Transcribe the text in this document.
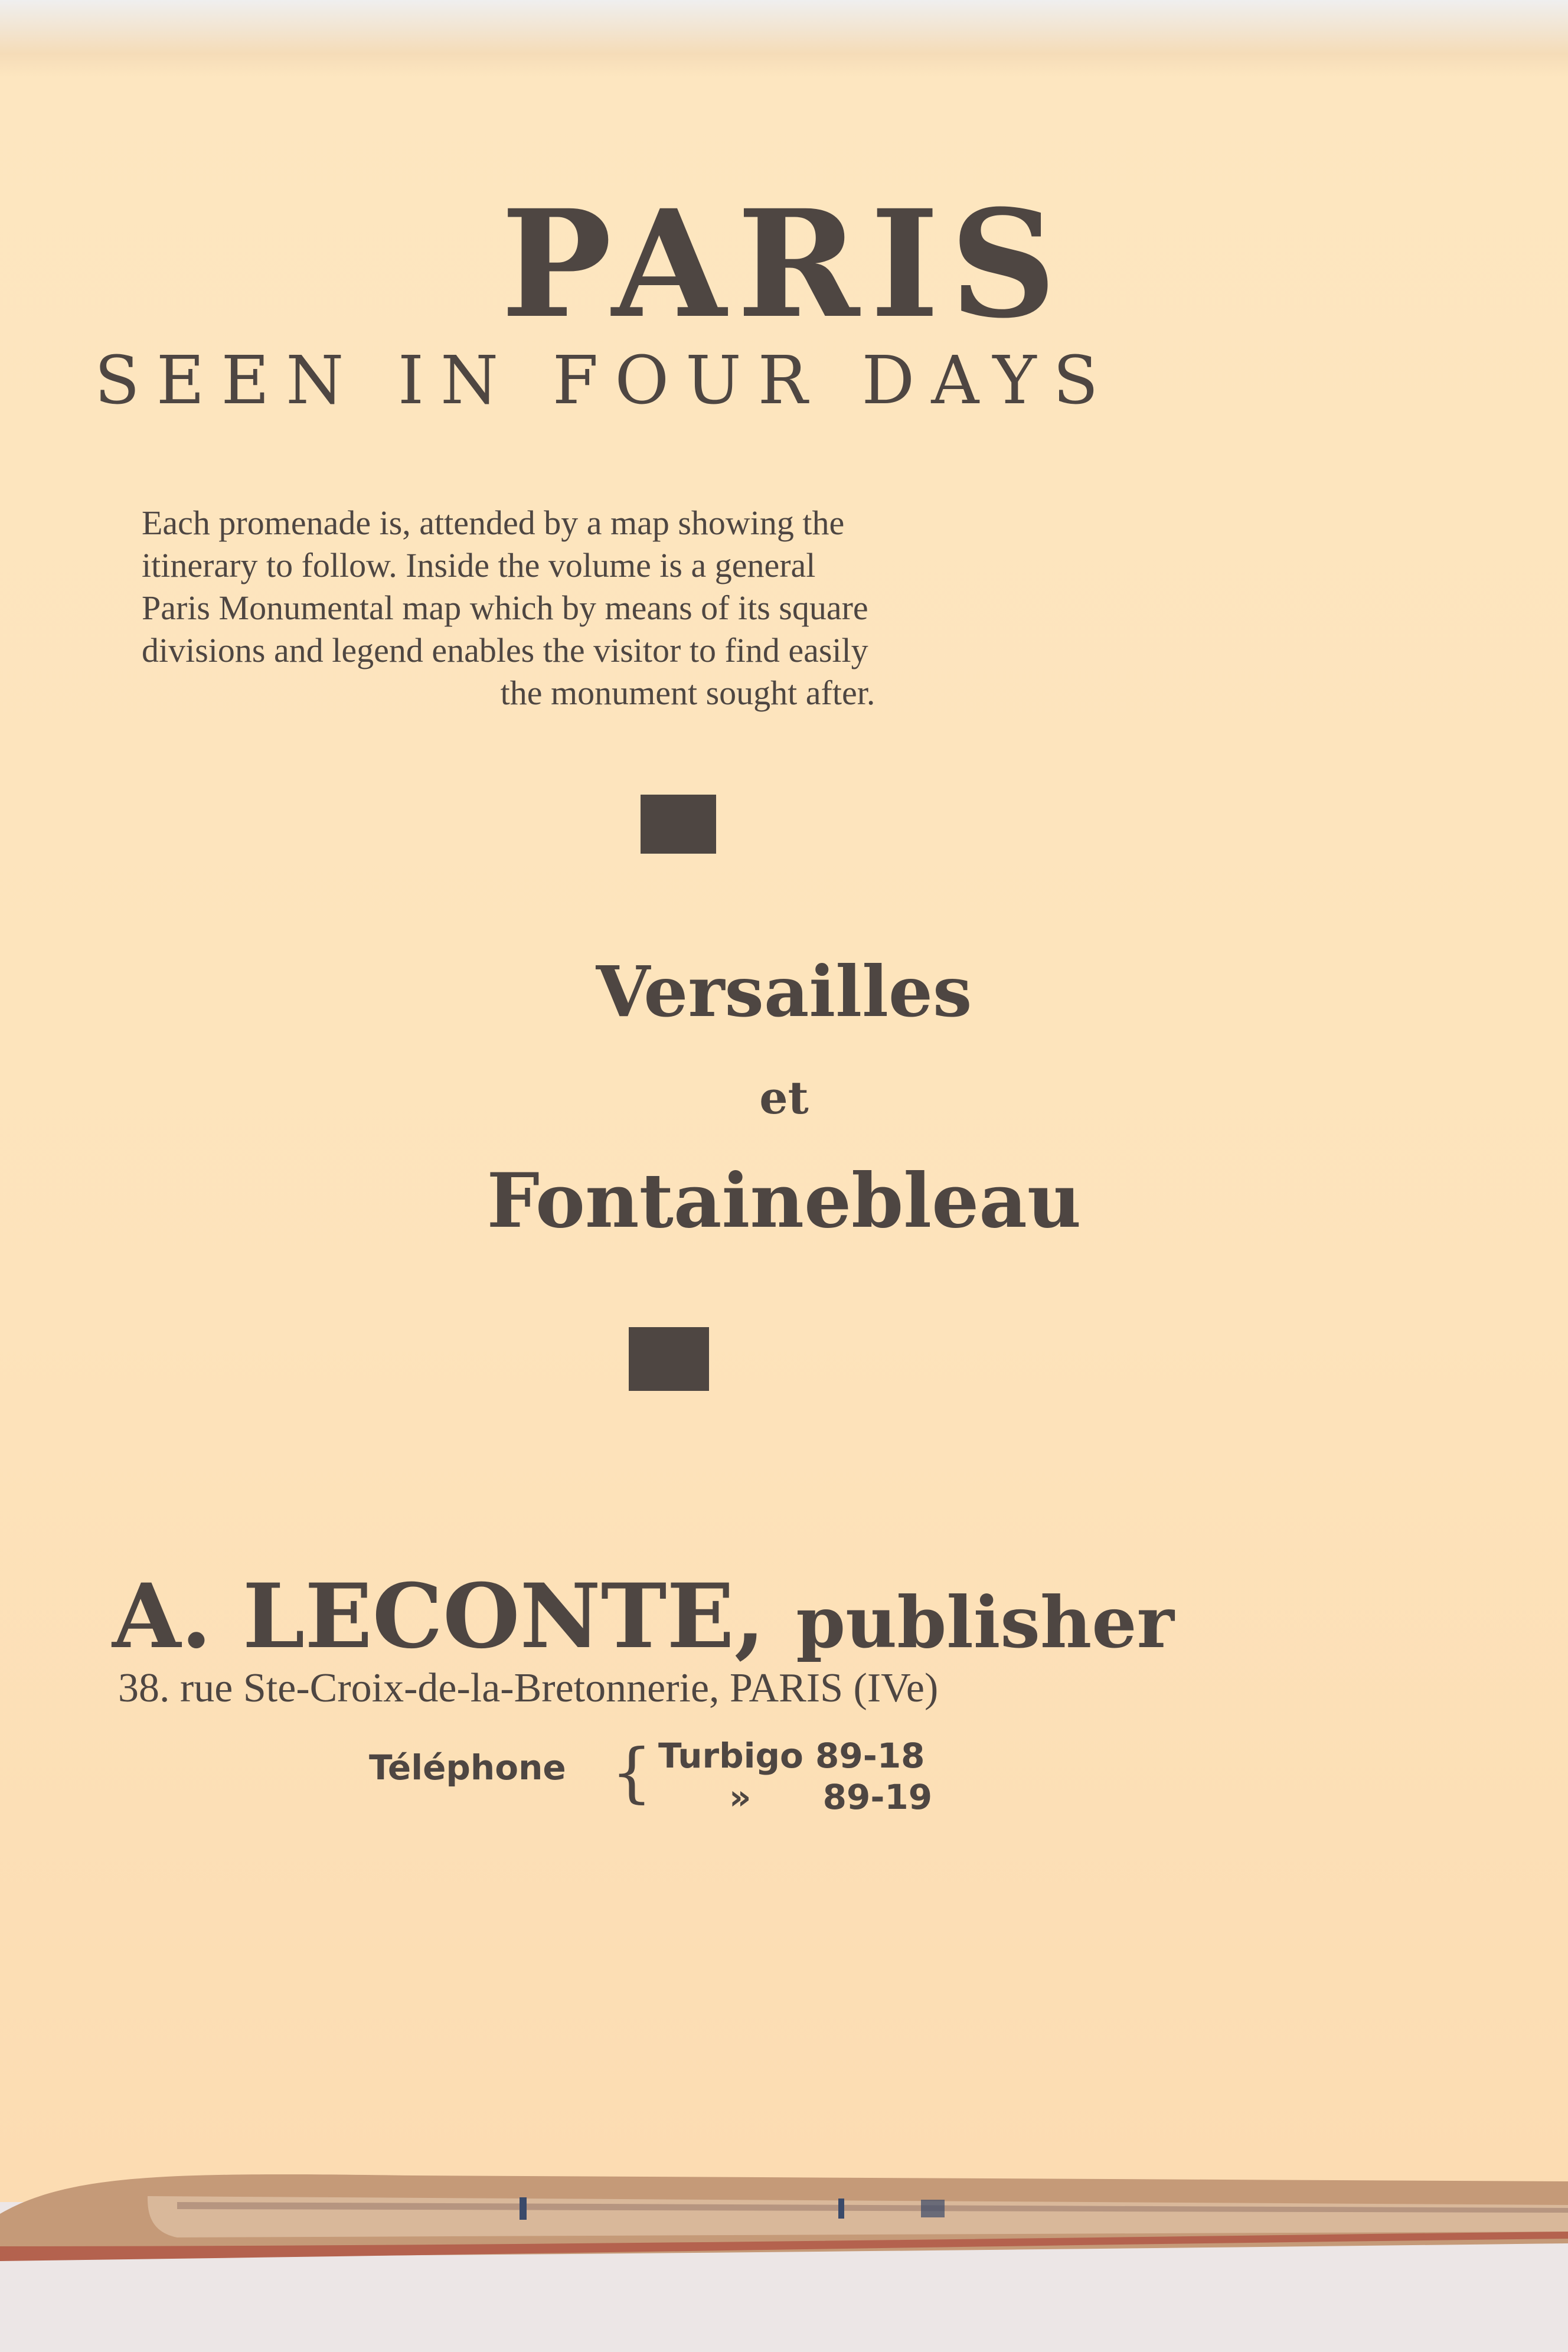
PARIS
SEEN IN FOUR DAYS
Each promenade is, attended by a map showing the
itinerary to follow. Inside the volume is a general
Paris Monumental map which by means of its square
divisions and legend enables the visitor to find easily
the monument sought after.
Versailles
et
Fontainebleau
A. LECONTE, publisher
38. rue Ste-Croix-de-la-Bretonnerie, PARIS (IVe)
Téléphone { Turbigo 89-18
»      89-19
